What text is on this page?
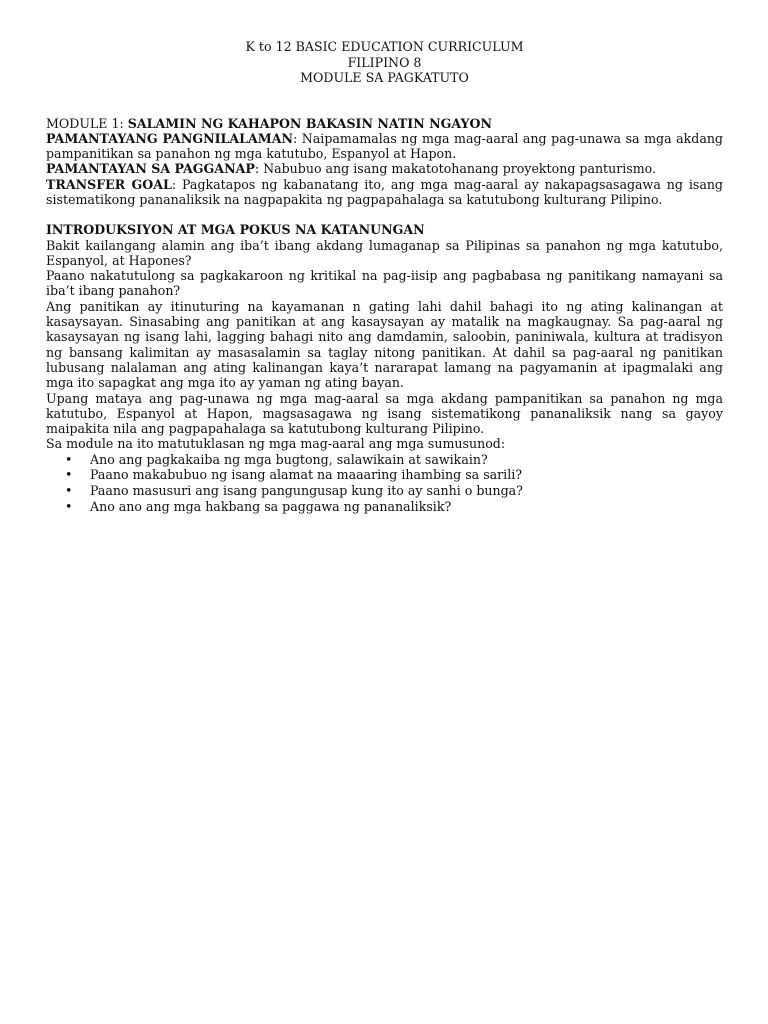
K to 12 BASIC EDUCATION CURRICULUM
FILIPINO 8
MODULE SA PAGKATUTO

MODULE 1: SALAMIN NG KAHAPON BAKASIN NATIN NGAYON

PAMANTAYANG PANGNILALAMAN: Naipamamalas ng mga mag-aaral ang pag-unawa sa mga akdang pampanitikan sa panahon ng mga katutubo, Espanyol at Hapon.

PAMANTAYAN SA PAGGANAP: Nabubuo ang isang makatotohanang proyektong panturismo.

TRANSFER GOAL: Pagkatapos ng kabanatang ito, ang mga mag-aaral ay nakapagsasagawa ng isang sistematikong pananaliksik na nagpapakita ng pagpapahalaga sa katutubong kulturang Pilipino.

INTRODUKSIYON AT MGA POKUS NA KATANUNGAN

Bakit kailangang alamin ang iba’t ibang akdang lumaganap sa Pilipinas sa panahon ng mga katutubo, Espanyol, at Hapones?

Paano nakatutulong sa pagkakaroon ng kritikal na pag-iisip ang pagbabasa ng panitikang namayani sa iba’t ibang panahon?

Ang panitikan ay itinuturing na kayamanan n gating lahi dahil bahagi ito ng ating kalinangan at kasaysayan. Sinasabing ang panitikan at ang kasaysayan ay matalik na magkaugnay. Sa pag-aaral ng kasaysayan ng isang lahi, lagging bahagi nito ang damdamin, saloobin, paniniwala, kultura at tradisyon ng bansang kalimitan ay masasalamin sa taglay nitong panitikan. At dahil sa pag-aaral ng panitikan lubusang nalalaman ang ating kalinangan kaya’t nararapat lamang na pagyamanin at ipagmalaki ang mga ito sapagkat ang mga ito ay yaman ng ating bayan.

Upang mataya ang pag-unawa ng mga mag-aaral sa mga akdang pampanitikan sa panahon ng mga katutubo, Espanyol at Hapon, magsasagawa ng isang sistematikong pananaliksik nang sa gayoy maipakita nila ang pagpapahalaga sa katutubong kulturang Pilipino.

Sa module na ito matutuklasan ng mga mag-aaral ang mga sumusunod:

• Ano ang pagkakaiba ng mga bugtong, salawikain at sawikain?
• Paano makabubuo ng isang alamat na maaaring ihambing sa sarili?
• Paano masusuri ang isang pangungusap kung ito ay sanhi o bunga?
• Ano ano ang mga hakbang sa paggawa ng pananaliksik?
